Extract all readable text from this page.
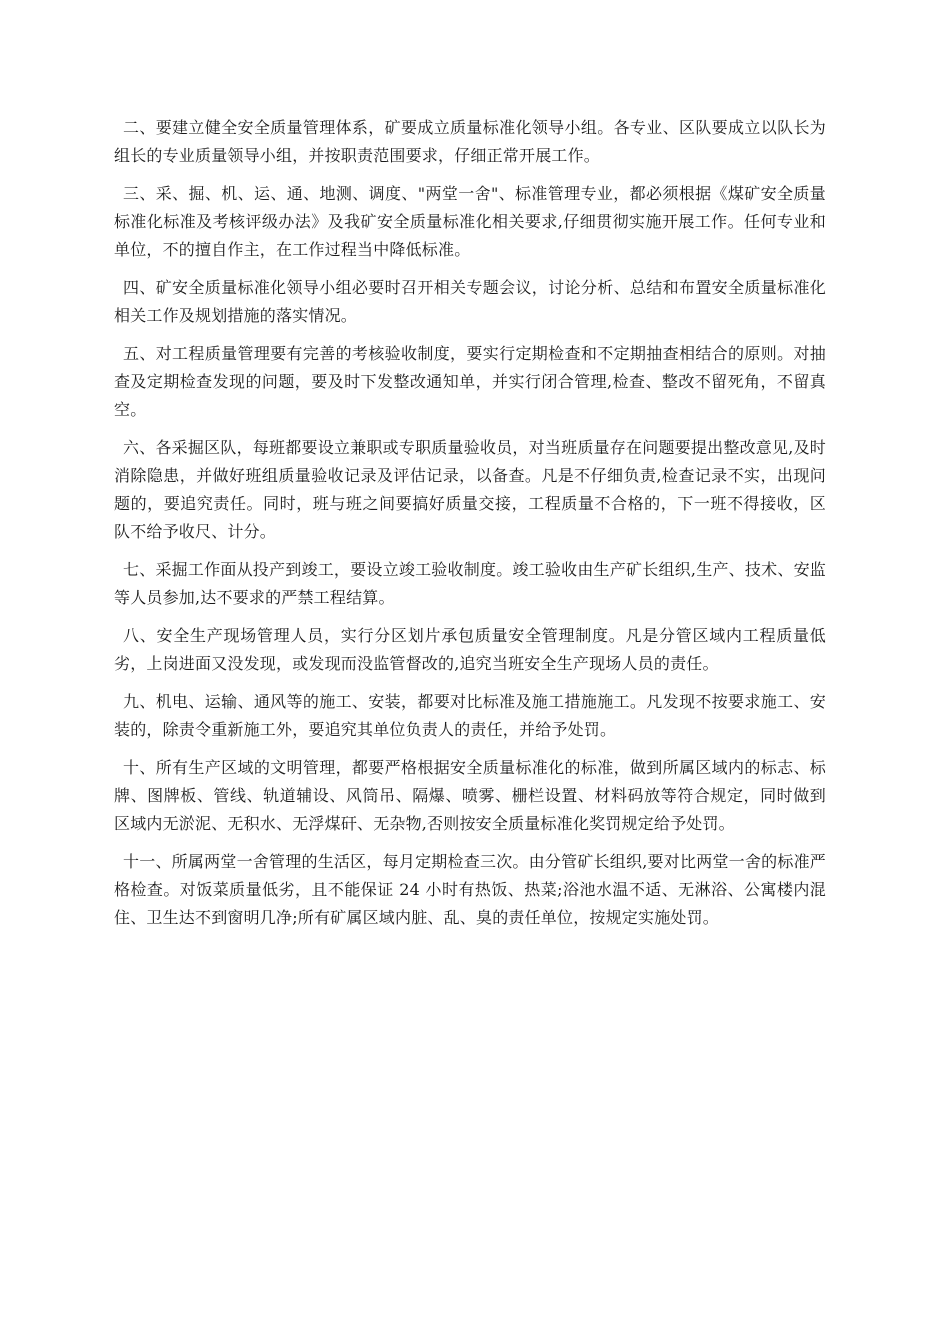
二、要建立健全安全质量管理体系，矿要成立质量标准化领导小组。各专业、区队要成立以队长为组长的专业质量领导小组，并按职责范围要求，仔细正常开展工作。

三、采、掘、机、运、通、地测、调度、"两堂一舍"、标准管理专业，都必须根据《煤矿安全质量标准化标准及考核评级办法》及我矿安全质量标准化相关要求,仔细贯彻实施开展工作。任何专业和单位，不的擅自作主，在工作过程当中降低标准。

四、矿安全质量标准化领导小组必要时召开相关专题会议，讨论分析、总结和布置安全质量标准化相关工作及规划措施的落实情况。

五、对工程质量管理要有完善的考核验收制度，要实行定期检查和不定期抽查相结合的原则。对抽查及定期检查发现的问题，要及时下发整改通知单，并实行闭合管理,检查、整改不留死角，不留真空。

六、各采掘区队，每班都要设立兼职或专职质量验收员，对当班质量存在问题要提出整改意见,及时消除隐患，并做好班组质量验收记录及评估记录，以备查。凡是不仔细负责,检查记录不实，出现问题的，要追究责任。同时，班与班之间要搞好质量交接，工程质量不合格的，下一班不得接收，区队不给予收尺、计分。

七、采掘工作面从投产到竣工，要设立竣工验收制度。竣工验收由生产矿长组织,生产、技术、安监等人员参加,达不要求的严禁工程结算。

八、安全生产现场管理人员，实行分区划片承包质量安全管理制度。凡是分管区域内工程质量低劣，上岗进面又没发现，或发现而没监管督改的,追究当班安全生产现场人员的责任。

九、机电、运输、通风等的施工、安装，都要对比标准及施工措施施工。凡发现不按要求施工、安装的，除责令重新施工外，要追究其单位负责人的责任，并给予处罚。

十、所有生产区域的文明管理，都要严格根据安全质量标准化的标准，做到所属区域内的标志、标牌、图牌板、管线、轨道辅设、风筒吊、隔爆、喷雾、栅栏设置、材料码放等符合规定，同时做到区域内无淤泥、无积水、无浮煤矸、无杂物,否则按安全质量标准化奖罚规定给予处罚。

十一、所属两堂一舍管理的生活区，每月定期检查三次。由分管矿长组织,要对比两堂一舍的标准严格检查。对饭菜质量低劣，且不能保证 24 小时有热饭、热菜;浴池水温不适、无淋浴、公寓楼内混住、卫生达不到窗明几净;所有矿属区域内脏、乱、臭的责任单位，按规定实施处罚。
